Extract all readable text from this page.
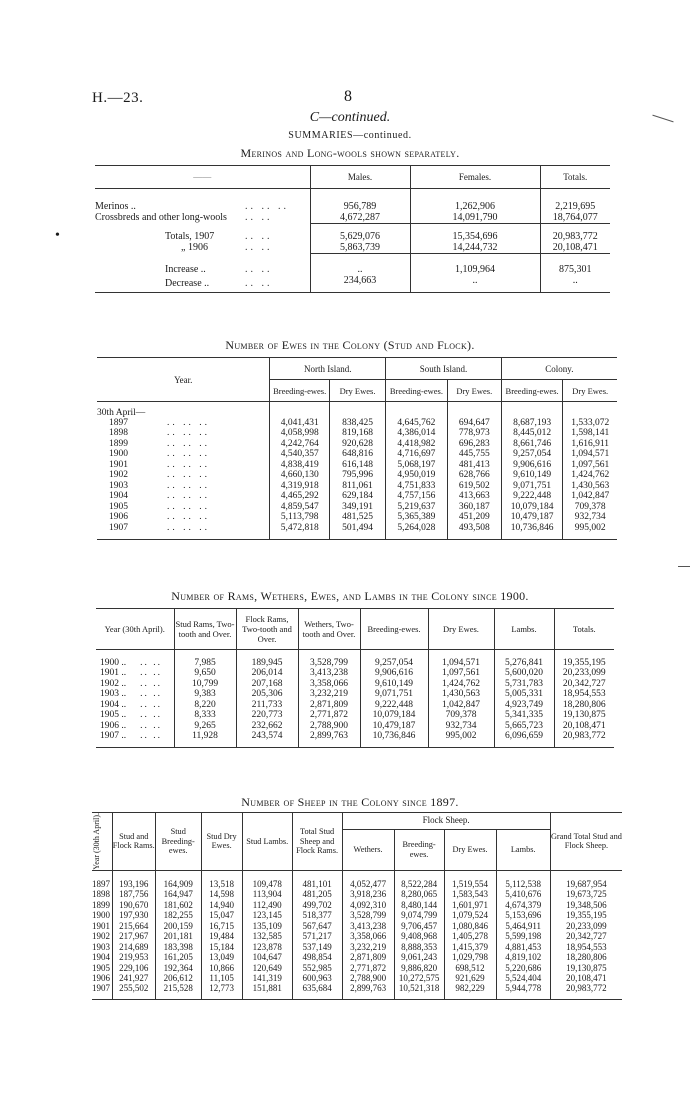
H.—23.	8
C—continued.
SUMMARIES—continued.
Merinos and Long-wools shown separately.
•
——		Males.	Females.	Totals.

Merinos ..	.. .. ..	956,789	1,262,906	2,219,695
Crossbreds and other long-wools	.. ..	4,672,287	14,091,790	18,764,077

Totals, 1907	.. ..	5,629,076	15,354,696	20,983,772
„ 1906	.. ..	5,863,739	14,244,732	20,108,471

Increase ..	.. ..	..	1,109,964	875,301
Decrease ..	.. ..	234,663	..	..
Number of Ewes in the Colony (Stud and Flock).
Year.	North Island.		South Island.		Colony.	
	Breeding-ewes.	Dry Ewes.	Breeding-ewes.	Dry Ewes.	Breeding-ewes.	Dry Ewes.

30th April—						
1897 .. .. ..	4,041,431	838,425	4,645,762	694,647	8,687,193	1,533,072
1898 .. .. ..	4,058,998	819,168	4,386,014	778,973	8,445,012	1,598,141
1899 .. .. ..	4,242,764	920,628	4,418,982	696,283	8,661,746	1,616,911
1900 .. .. ..	4,540,357	648,816	4,716,697	445,755	9,257,054	1,094,571
1901 .. .. ..	4,838,419	616,148	5,068,197	481,413	9,906,616	1,097,561
1902 .. .. ..	4,660,130	795,996	4,950,019	628,766	9,610,149	1,424,762
1903 .. .. ..	4,319,918	811,061	4,751,833	619,502	9,071,751	1,430,563
1904 .. .. ..	4,465,292	629,184	4,757,156	413,663	9,222,448	1,042,847
1905 .. .. ..	4,859,547	349,191	5,219,637	360,187	10,079,184	709,378
1906 .. .. ..	5,113,798	481,525	5,365,389	451,209	10,479,187	932,734
1907 .. .. ..	5,472,818	501,494	5,264,028	493,508	10,736,846	995,002
Number of Rams, Wethers, Ewes, and Lambs in the Colony since 1900.
Year (30th April).	Stud Rams, Two-tooth and Over.	Flock Rams, Two-tooth and Over.	Wethers, Two-tooth and Over.	Breeding-ewes.	Dry Ewes.	Lambs.	Totals.

1900 .. .. ..	7,985	189,945	3,528,799	9,257,054	1,094,571	5,276,841	19,355,195
1901 .. .. ..	9,650	206,014	3,413,238	9,906,616	1,097,561	5,600,020	20,233,099
1902 .. .. ..	10,799	207,168	3,358,066	9,610,149	1,424,762	5,731,783	20,342,727
1903 .. .. ..	9,383	205,306	3,232,219	9,071,751	1,430,563	5,005,331	18,954,553
1904 .. .. ..	8,220	211,733	2,871,809	9,222,448	1,042,847	4,923,749	18,280,806
1905 .. .. ..	8,333	220,773	2,771,872	10,079,184	709,378	5,341,335	19,130,875
1906 .. .. ..	9,265	232,662	2,788,900	10,479,187	932,734	5,665,723	20,108,471
1907 .. .. ..	11,928	243,574	2,899,763	10,736,846	995,002	6,096,659	20,983,772
Number of Sheep in the Colony since 1897.
Year (30th April).	Stud and Flock Rams.	Stud Breeding-ewes.	Stud Dry Ewes.	Stud Lambs.	Total Stud Sheep and Flock Rams.	Flock Sheep.				Grand Total Stud and Flock Sheep.
						Wethers.	Breeding-ewes.	Dry Ewes.	Lambs.	

1897	193,196	164,909	13,518	109,478	481,101	4,052,477	8,522,284	1,519,554	5,112,538	19,687,954
1898	187,756	164,947	14,598	113,904	481,205	3,918,236	8,280,065	1,583,543	5,410,676	19,673,725
1899	190,670	181,602	14,940	112,490	499,702	4,092,310	8,480,144	1,601,971	4,674,379	19,348,506
1900	197,930	182,255	15,047	123,145	518,377	3,528,799	9,074,799	1,079,524	5,153,696	19,355,195
1901	215,664	200,159	16,715	135,109	567,647	3,413,238	9,706,457	1,080,846	5,464,911	20,233,099
1902	217,967	201,181	19,484	132,585	571,217	3,358,066	9,408,968	1,405,278	5,599,198	20,342,727
1903	214,689	183,398	15,184	123,878	537,149	3,232,219	8,888,353	1,415,379	4,881,453	18,954,553
1904	219,953	161,205	13,049	104,647	498,854	2,871,809	9,061,243	1,029,798	4,819,102	18,280,806
1905	229,106	192,364	10,866	120,649	552,985	2,771,872	9,886,820	698,512	5,220,686	19,130,875
1906	241,927	206,612	11,105	141,319	600,963	2,788,900	10,272,575	921,629	5,524,404	20,108,471
1907	255,502	215,528	12,773	151,881	635,684	2,899,763	10,521,318	982,229	5,944,778	20,983,772
